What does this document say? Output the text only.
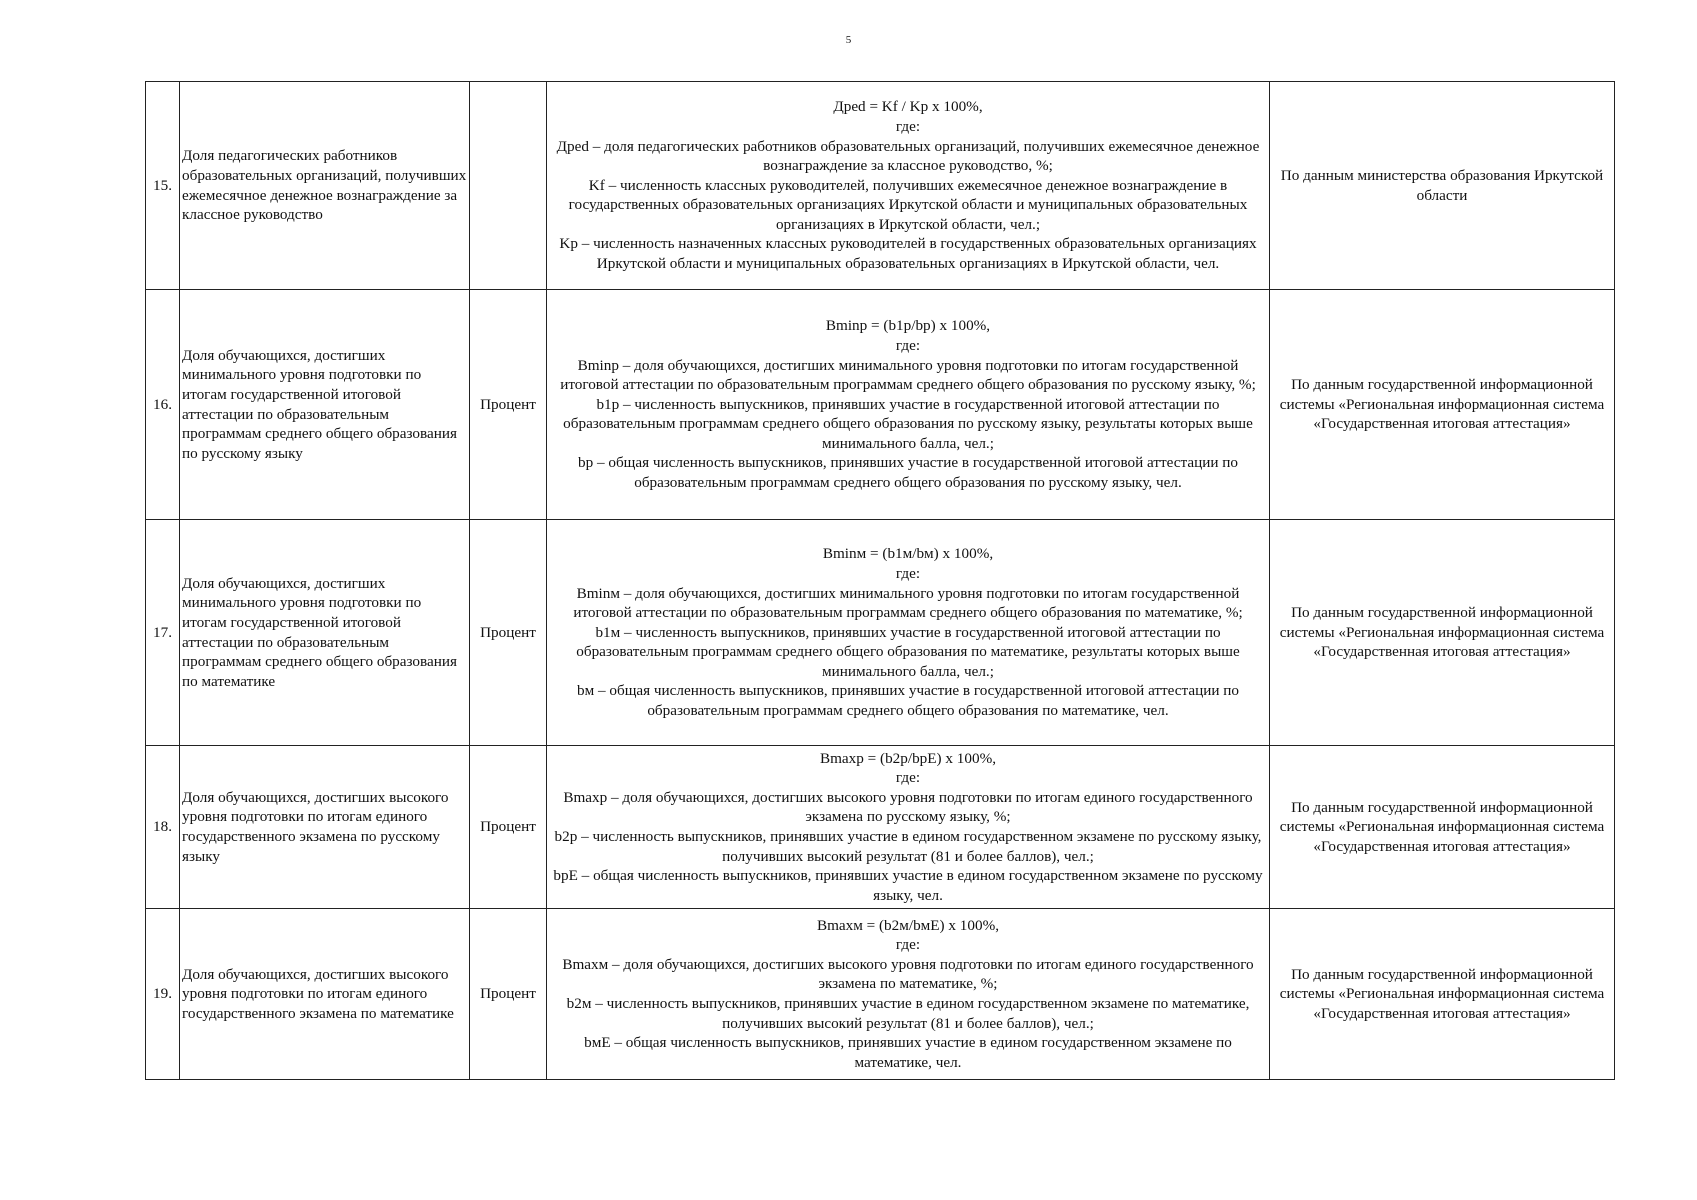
5
15.	Доля педагогических работников образовательных организаций, получивших ежемесячное денежное вознаграждение за классное руководство		Дped = Kf / Kp x 100%,
где:
Дped – доля педагогических работников образовательных организаций, получивших ежемесячное денежное вознаграждение за классное руководство, %;
Kf – численность классных руководителей, получивших ежемесячное денежное вознаграждение в государственных образовательных организациях Иркутской области и муниципальных образовательных организациях в Иркутской области, чел.;
Kp – численность назначенных классных руководителей в государственных образовательных организациях Иркутской области и муниципальных образовательных организациях в Иркутской области, чел.	По данным министерства образования Иркутской области
16.	Доля обучающихся, достигших минимального уровня подготовки по итогам государственной итоговой аттестации по образовательным программам среднего общего образования по русскому языку	Процент	Bminр = (b1р/bр) x 100%,
где:
Bminр – доля обучающихся, достигших минимального уровня подготовки по итогам государственной итоговой аттестации по образовательным программам среднего общего образования по русскому языку, %;
b1р – численность выпускников, принявших участие в государственной итоговой аттестации по образовательным программам среднего общего образования по русскому языку, результаты которых выше минимального балла, чел.;
bр – общая численность выпускников, принявших участие в государственной итоговой аттестации по образовательным программам среднего общего образования по русскому языку, чел.	По данным государственной информационной системы «Региональная информационная система «Государственная итоговая аттестация»
17.	Доля обучающихся, достигших минимального уровня подготовки по итогам государственной итоговой аттестации по образовательным программам среднего общего образования по математике	Процент	Bminм = (b1м/bм) x 100%,
где:
Bminм – доля обучающихся, достигших минимального уровня подготовки по итогам государственной итоговой аттестации по образовательным программам среднего общего образования по математике, %;
b1м – численность выпускников, принявших участие в государственной итоговой аттестации по образовательным программам среднего общего образования по математике, результаты которых выше минимального балла, чел.;
bм – общая численность выпускников, принявших участие в государственной итоговой аттестации по образовательным программам среднего общего образования по математике, чел.	По данным государственной информационной системы «Региональная информационная система «Государственная итоговая аттестация»
18.	Доля обучающихся, достигших высокого уровня подготовки по итогам единого государственного экзамена по русскому языку	Процент	Bmaxр = (b2р/bрE) x 100%,
где:
Bmaxр – доля обучающихся, достигших высокого уровня подготовки по итогам единого государственного экзамена по русскому языку, %;
b2р – численность выпускников, принявших участие в едином государственном экзамене по русскому языку, получивших высокий результат (81 и более баллов), чел.;
bрE – общая численность выпускников, принявших участие в едином государственном экзамене по русскому языку, чел.	По данным государственной информационной системы «Региональная информационная система «Государственная итоговая аттестация»
19.	Доля обучающихся, достигших высокого уровня подготовки по итогам единого государственного экзамена по математике	Процент	Bmaxм = (b2м/bмE) x 100%,
где:
Bmaxм – доля обучающихся, достигших высокого уровня подготовки по итогам единого государственного экзамена по математике, %;
b2м – численность выпускников, принявших участие в едином государственном экзамене по математике, получивших высокий результат (81 и более баллов), чел.;
bмE – общая численность выпускников, принявших участие в едином государственном экзамене по математике, чел.	По данным государственной информационной системы «Региональная информационная система «Государственная итоговая аттестация»
